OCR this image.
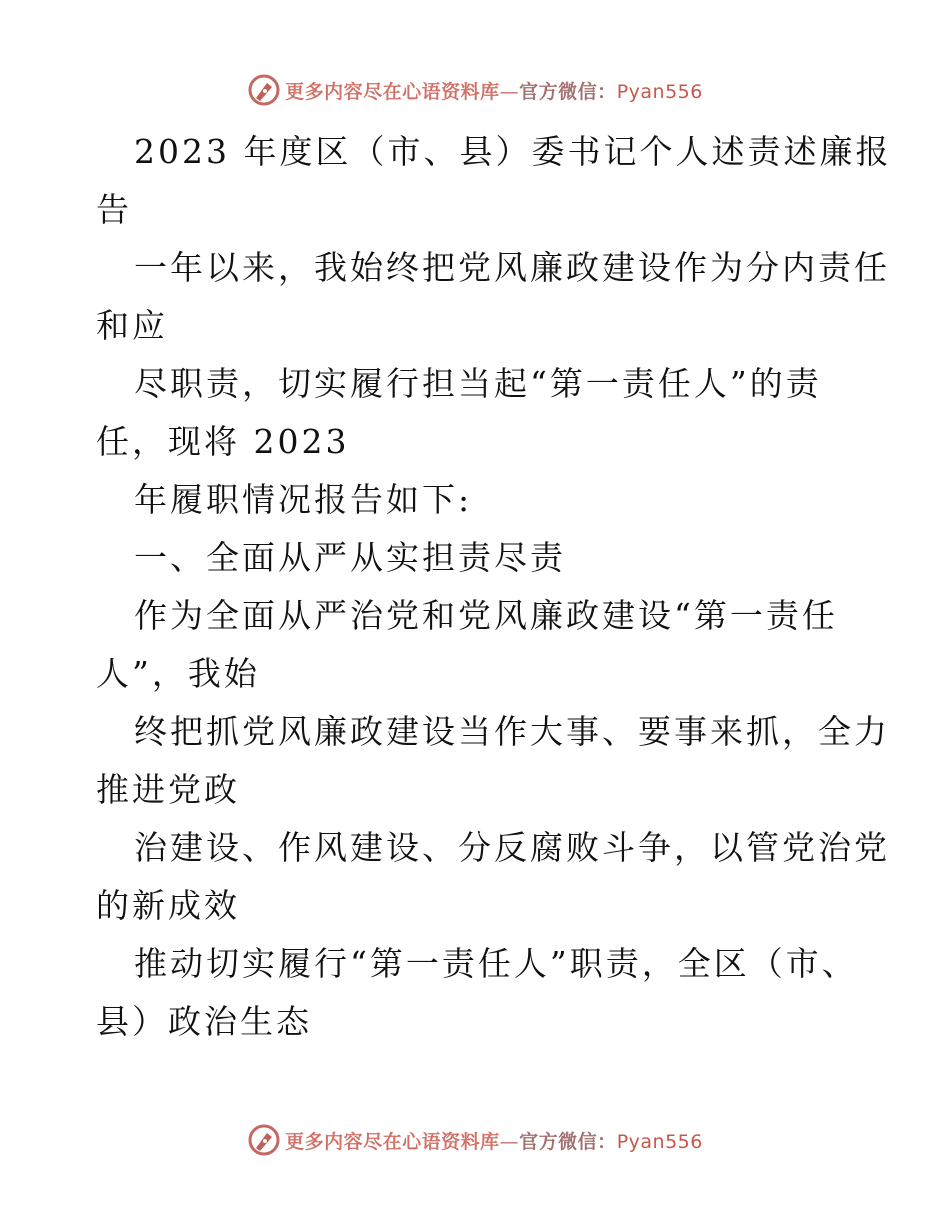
更多内容尽在心语资料库—官方微信：Pyan556
2023 年度区（市、县）委书记个人述责述廉报
告
一年以来，我始终把党风廉政建设作为分内责任
和应
尽职责，切实履行担当起“第一责任人”的责
任，现将 2023
年履职情况报告如下:
一、全面从严从实担责尽责
作为全面从严治党和党风廉政建设“第一责任
人”，我始
终把抓党风廉政建设当作大事、要事来抓，全力
推进党政
治建设、作风建设、分反腐败斗争，以管党治党
的新成效
推动切实履行“第一责任人”职责，全区（市、
县）政治生态
更多内容尽在心语资料库—官方微信：Pyan556
